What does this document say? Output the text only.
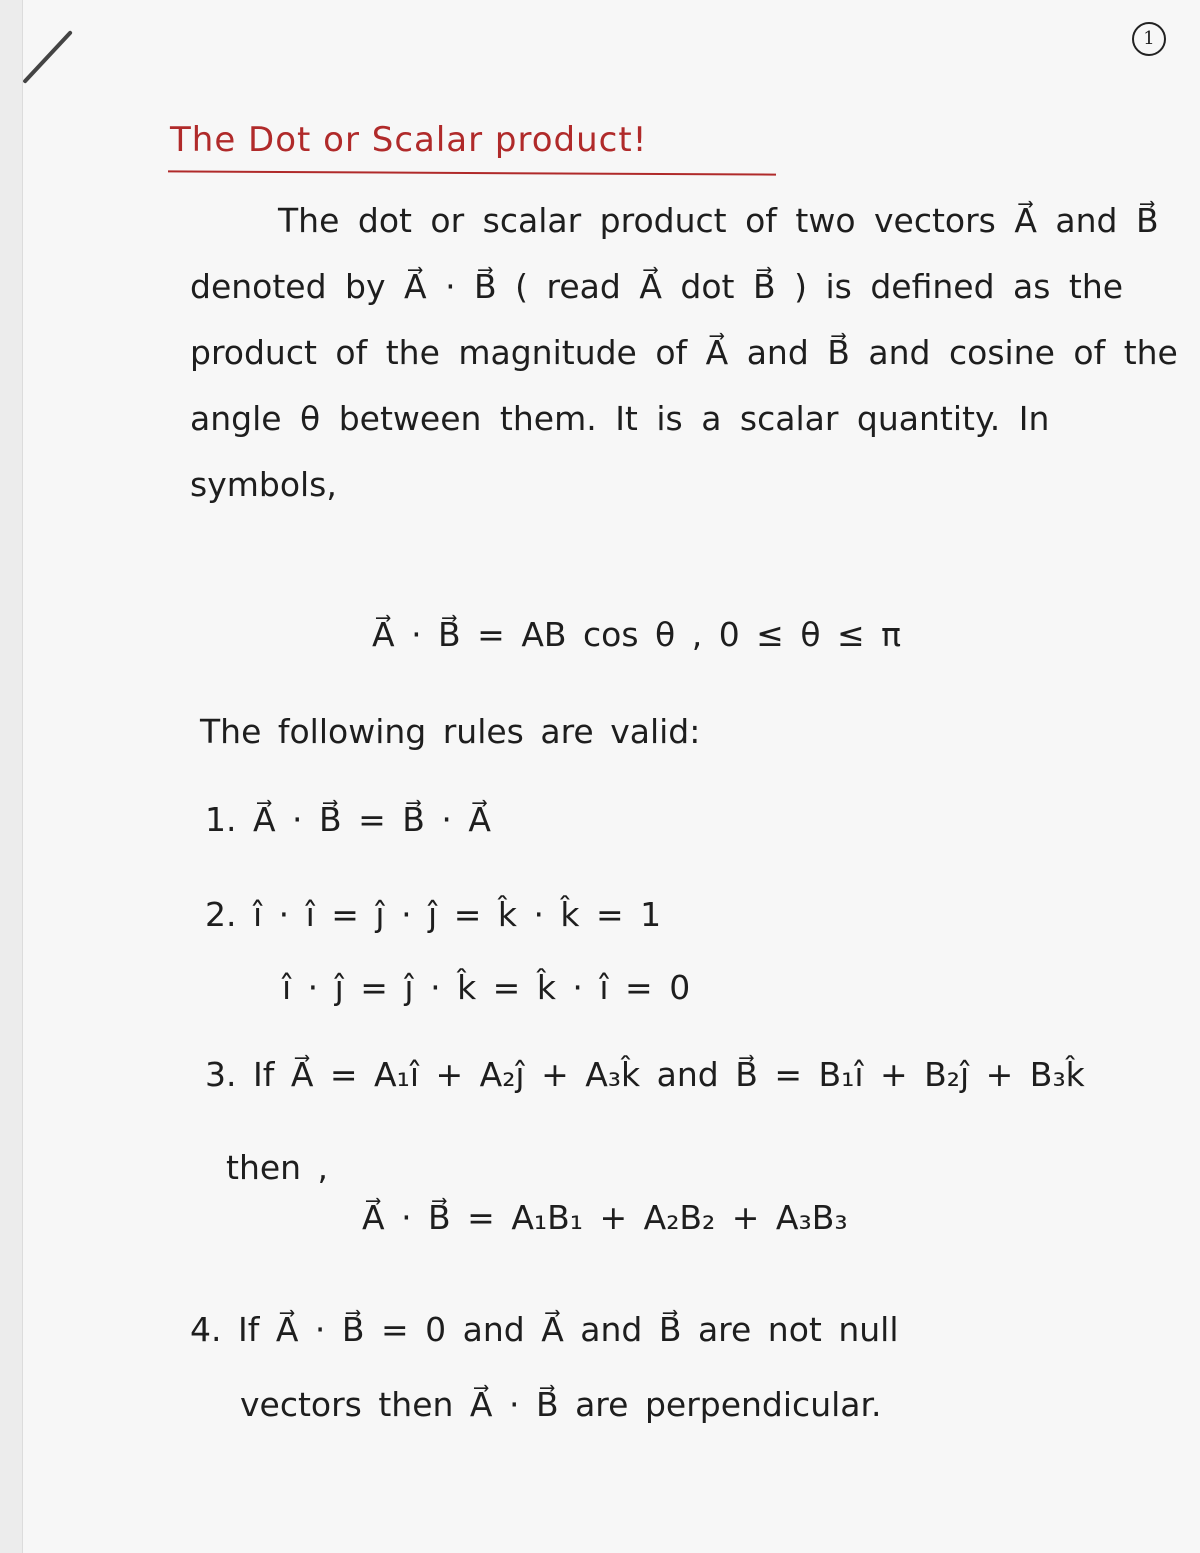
1
The Dot or Scalar product!
The dot or scalar product of two vectors A⃗ and B⃗ denoted by A⃗ · B⃗ ( read A⃗ dot B⃗ ) is defined as the product of the magnitude of A⃗ and B⃗ and cosine of the angle θ between them. It is a scalar quantity. In symbols,
A⃗ · B⃗ = AB cos θ , 0 ≤ θ ≤ π
The following rules are valid:
1. A⃗ · B⃗ = B⃗ · A⃗
2. î · î = ĵ · ĵ = k̂ · k̂ = 1
î · ĵ = ĵ · k̂ = k̂ · î = 0
3. If A⃗ = A₁î + A₂ĵ + A₃k̂ and B⃗ = B₁î + B₂ĵ + B₃k̂
then ,
A⃗ · B⃗ = A₁B₁ + A₂B₂ + A₃B₃
4. If A⃗ · B⃗ = 0 and A⃗ and B⃗ are not null
vectors then A⃗ · B⃗ are perpendicular.
